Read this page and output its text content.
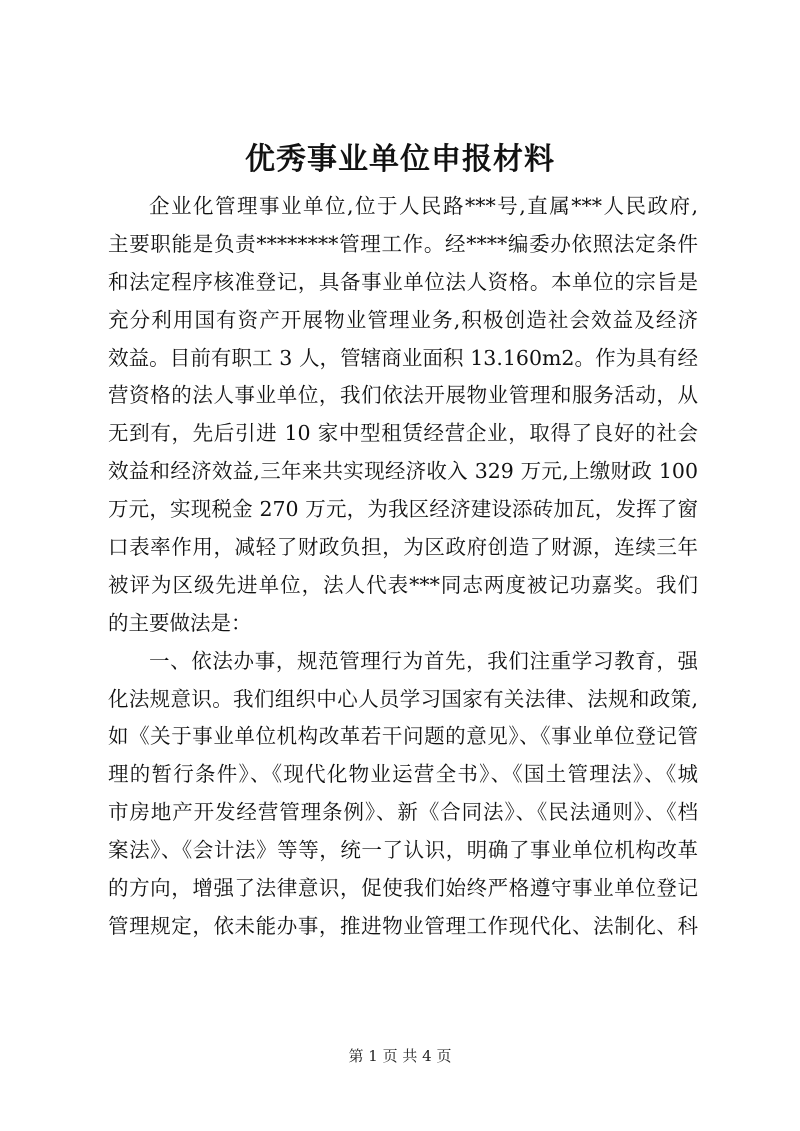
优秀事业单位申报材料
企业化管理事业单位,位于人民路***号,直属***人民政府,
主要职能是负责********管理工作。经****编委办依照法定条件
和法定程序核准登记，具备事业单位法人资格。本单位的宗旨是
充分利用国有资产开展物业管理业务,积极创造社会效益及经济
效益。目前有职工 3 人，管辖商业面积 13.160m2。作为具有经
营资格的法人事业单位，我们依法开展物业管理和服务活动，从
无到有，先后引进 10 家中型租赁经营企业，取得了良好的社会
效益和经济效益,三年来共实现经济收入 329 万元,上缴财政 100
万元，实现税金 270 万元，为我区经济建设添砖加瓦，发挥了窗
口表率作用，减轻了财政负担，为区政府创造了财源，连续三年
被评为区级先进单位，法人代表***同志两度被记功嘉奖。我们
的主要做法是：
一、依法办事，规范管理行为首先，我们注重学习教育，强
化法规意识。我们组织中心人员学习国家有关法律、法规和政策,
如《关于事业单位机构改革若干问题的意见》、《事业单位登记管
理的暂行条件》、《现代化物业运营全书》、《国土管理法》、《城
市房地产开发经营管理条例》、新《合同法》、《民法通则》、《档
案法》、《会计法》等等，统一了认识，明确了事业单位机构改革
的方向，增强了法律意识，促使我们始终严格遵守事业单位登记
管理规定，依未能办事，推进物业管理工作现代化、法制化、科
第 1 页 共 4 页
